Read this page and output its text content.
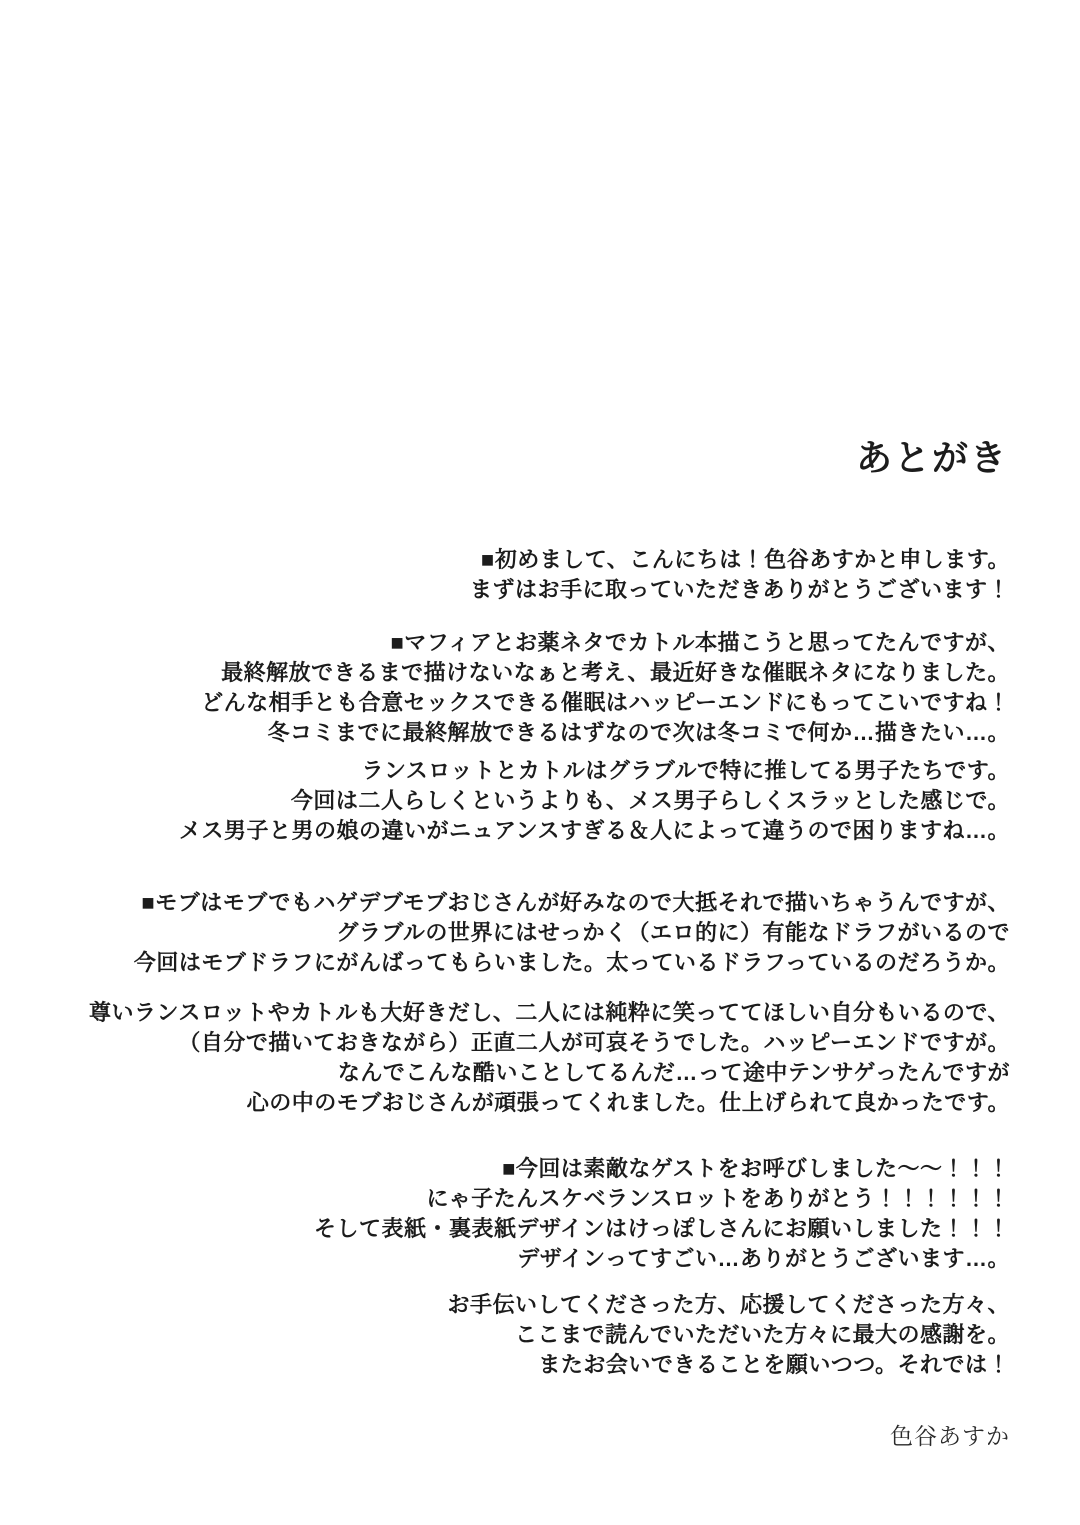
あとがき
■初めまして、こんにちは！色谷あすかと申します。
まずはお手に取っていただきありがとうございます！
■マフィアとお薬ネタでカトル本描こうと思ってたんですが、
最終解放できるまで描けないなぁと考え、最近好きな催眠ネタになりました。
どんな相手とも合意セックスできる催眠はハッピーエンドにもってこいですね！
冬コミまでに最終解放できるはずなので次は冬コミで何か…描きたい…。
ランスロットとカトルはグラブルで特に推してる男子たちです。
今回は二人らしくというよりも、メス男子らしくスラッとした感じで。
メス男子と男の娘の違いがニュアンスすぎる＆人によって違うので困りますね…。
■モブはモブでもハゲデブモブおじさんが好みなので大抵それで描いちゃうんですが、
グラブルの世界にはせっかく（エロ的に）有能なドラフがいるので
今回はモブドラフにがんばってもらいました。太っているドラフっているのだろうか。
尊いランスロットやカトルも大好きだし、二人には純粋に笑っててほしい自分もいるので、
（自分で描いておきながら）正直二人が可哀そうでした。ハッピーエンドですが。
なんでこんな酷いことしてるんだ…って途中テンサゲったんですが
心の中のモブおじさんが頑張ってくれました。仕上げられて良かったです。
■今回は素敵なゲストをお呼びしました～～！！！
にゃ子たんスケベランスロットをありがとう！！！！！！
そして表紙・裏表紙デザインはけっぽしさんにお願いしました！！！
デザインってすごい…ありがとうございます…。
お手伝いしてくださった方、応援してくださった方々、
ここまで読んでいただいた方々に最大の感謝を。
またお会いできることを願いつつ。それでは！
色谷あすか
